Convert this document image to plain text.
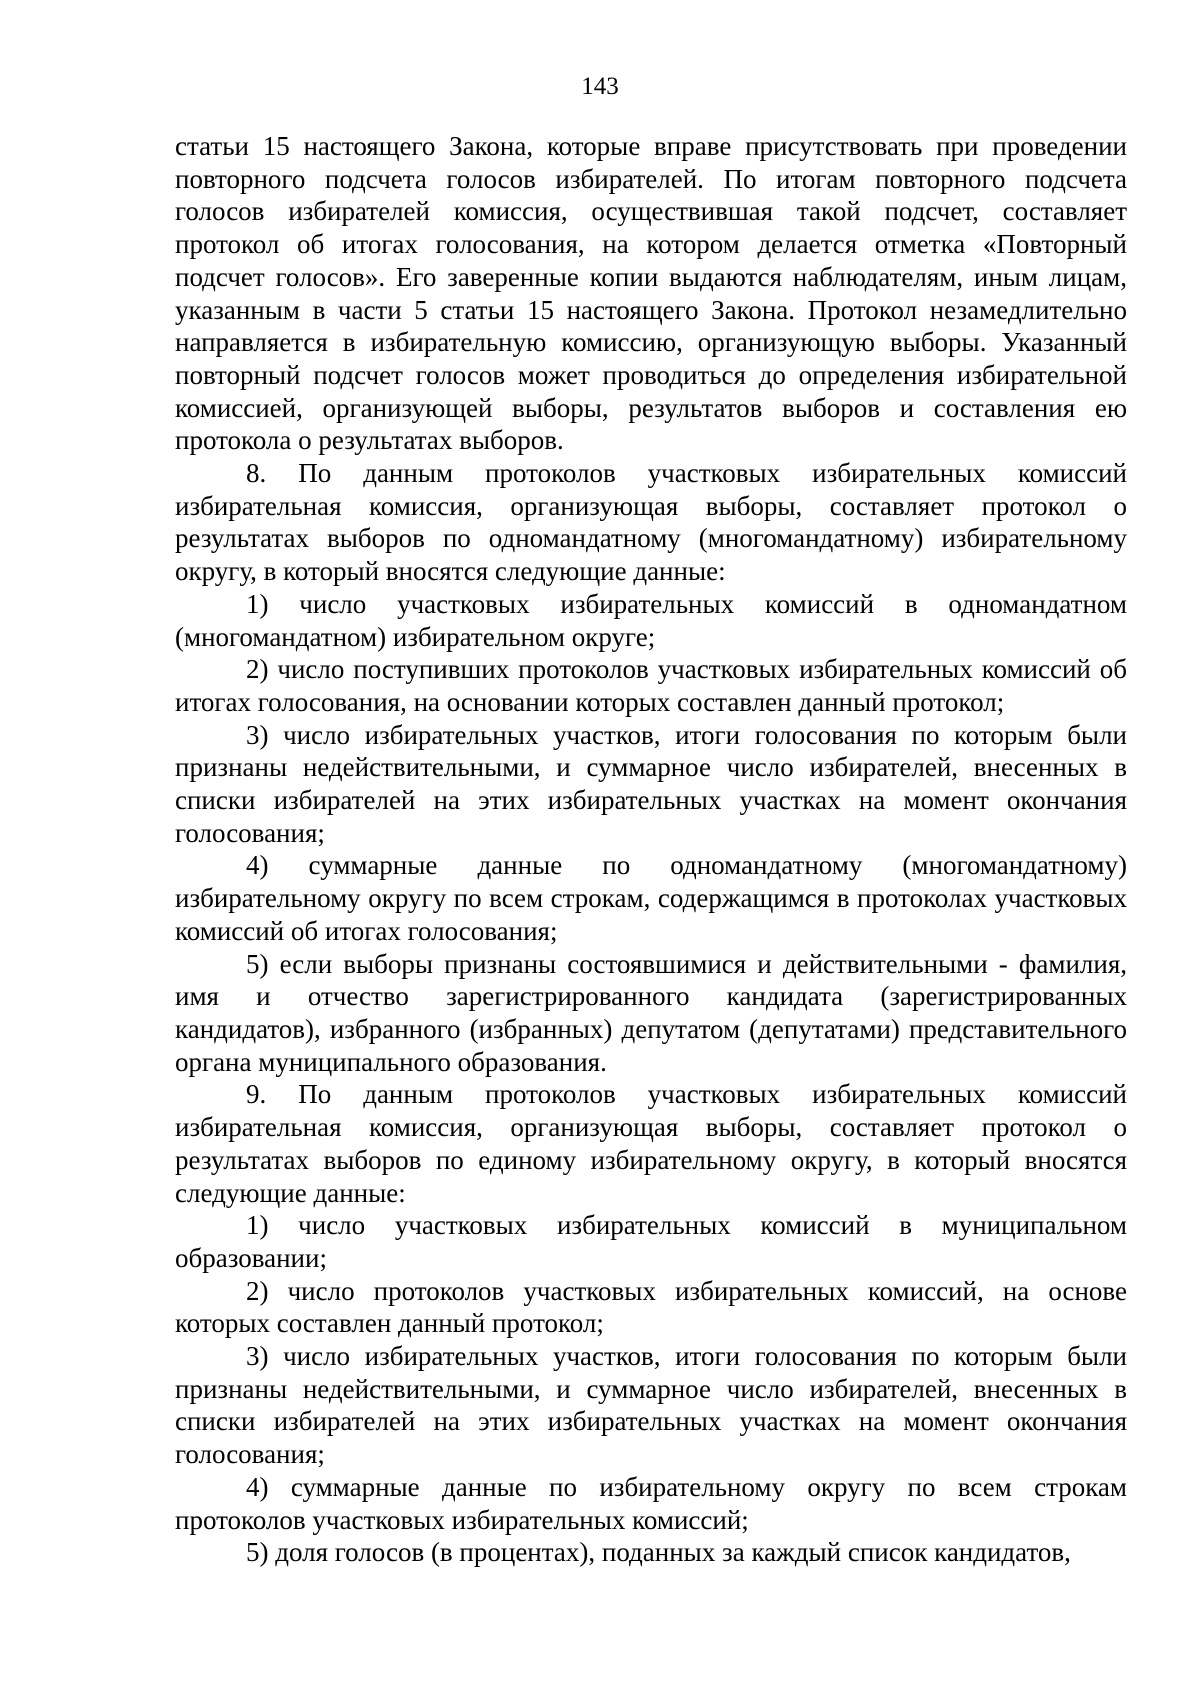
143

статьи 15 настоящего Закона, которые вправе присутствовать при проведении повторного подсчета голосов избирателей. По итогам повторного подсчета голосов избирателей комиссия, осуществившая такой подсчет, составляет протокол об итогах голосования, на котором делается отметка «Повторный подсчет голосов». Его заверенные копии выдаются наблюдателям, иным лицам, указанным в части 5 статьи 15 настоящего Закона. Протокол незамедлительно направляется в избирательную комиссию, организующую выборы. Указанный повторный подсчет голосов может проводиться до определения избирательной комиссией, организующей выборы, результатов выборов и составления ею протокола о результатах выборов.

8. По данным протоколов участковых избирательных комиссий избирательная комиссия, организующая выборы, составляет протокол о результатах выборов по одномандатному (многомандатному) избирательному округу, в который вносятся следующие данные:

1) число участковых избирательных комиссий в одномандатном (многомандатном) избирательном округе;

2) число поступивших протоколов участковых избирательных комиссий об итогах голосования, на основании которых составлен данный протокол;

3) число избирательных участков, итоги голосования по которым были признаны недействительными, и суммарное число избирателей, внесенных в списки избирателей на этих избирательных участках на момент окончания голосования;

4) суммарные данные по одномандатному (многомандатному) избирательному округу по всем строкам, содержащимся в протоколах участковых комиссий об итогах голосования;

5) если выборы признаны состоявшимися и действительными - фамилия, имя и отчество зарегистрированного кандидата (зарегистрированных кандидатов), избранного (избранных) депутатом (депутатами) представительного органа муниципального образования.

9. По данным протоколов участковых избирательных комиссий избирательная комиссия, организующая выборы, составляет протокол о результатах выборов по единому избирательному округу, в который вносятся следующие данные:

1) число участковых избирательных комиссий в муниципальном образовании;

2) число протоколов участковых избирательных комиссий, на основе которых составлен данный протокол;

3) число избирательных участков, итоги голосования по которым были признаны недействительными, и суммарное число избирателей, внесенных в списки избирателей на этих избирательных участках на момент окончания голосования;

4) суммарные данные по избирательному округу по всем строкам протоколов участковых избирательных комиссий;

5) доля голосов (в процентах), поданных за каждый список кандидатов,
